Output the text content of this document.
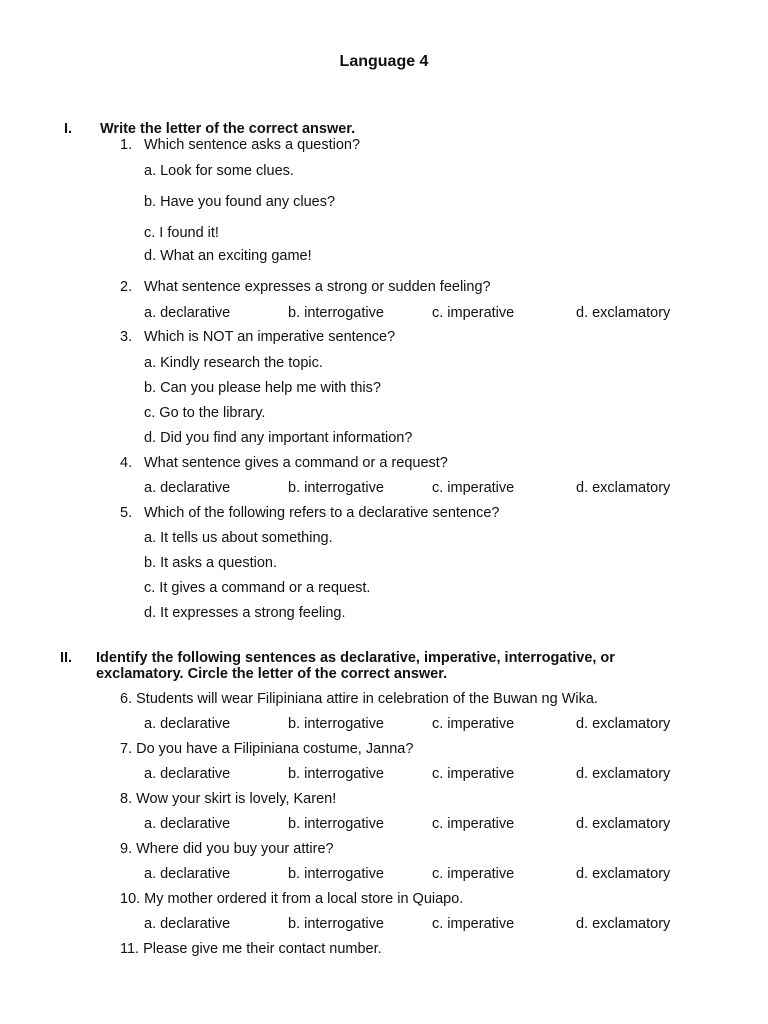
Language 4
I. Write the letter of the correct answer.
1. Which sentence asks a question?
a. Look for some clues.
b. Have you found any clues?
c. I found it!
d. What an exciting game!
2. What sentence expresses a strong or sudden feeling?
a. declarative	b. interrogative	c. imperative	d. exclamatory
3. Which is NOT an imperative sentence?
a. Kindly research the topic.
b. Can you please help me with this?
c. Go to the library.
d. Did you find any important information?
4. What sentence gives a command or a request?
a. declarative	b. interrogative	c. imperative	d. exclamatory
5. Which of the following refers to a declarative sentence?
a. It tells us about something.
b. It asks a question.
c. It gives a command or a request.
d. It expresses a strong feeling.
II. Identify the following sentences as declarative, imperative, interrogative, or
exclamatory. Circle the letter of the correct answer.
6. Students will wear Filipiniana attire in celebration of the Buwan ng Wika.
a. declarative	b. interrogative	c. imperative	d. exclamatory
7. Do you have a Filipiniana costume, Janna?
a. declarative	b. interrogative	c. imperative	d. exclamatory
8. Wow your skirt is lovely, Karen!
a. declarative	b. interrogative	c. imperative	d. exclamatory
9. Where did you buy your attire?
a. declarative	b. interrogative	c. imperative	d. exclamatory
10. My mother ordered it from a local store in Quiapo.
a. declarative	b. interrogative	c. imperative	d. exclamatory
11. Please give me their contact number.
